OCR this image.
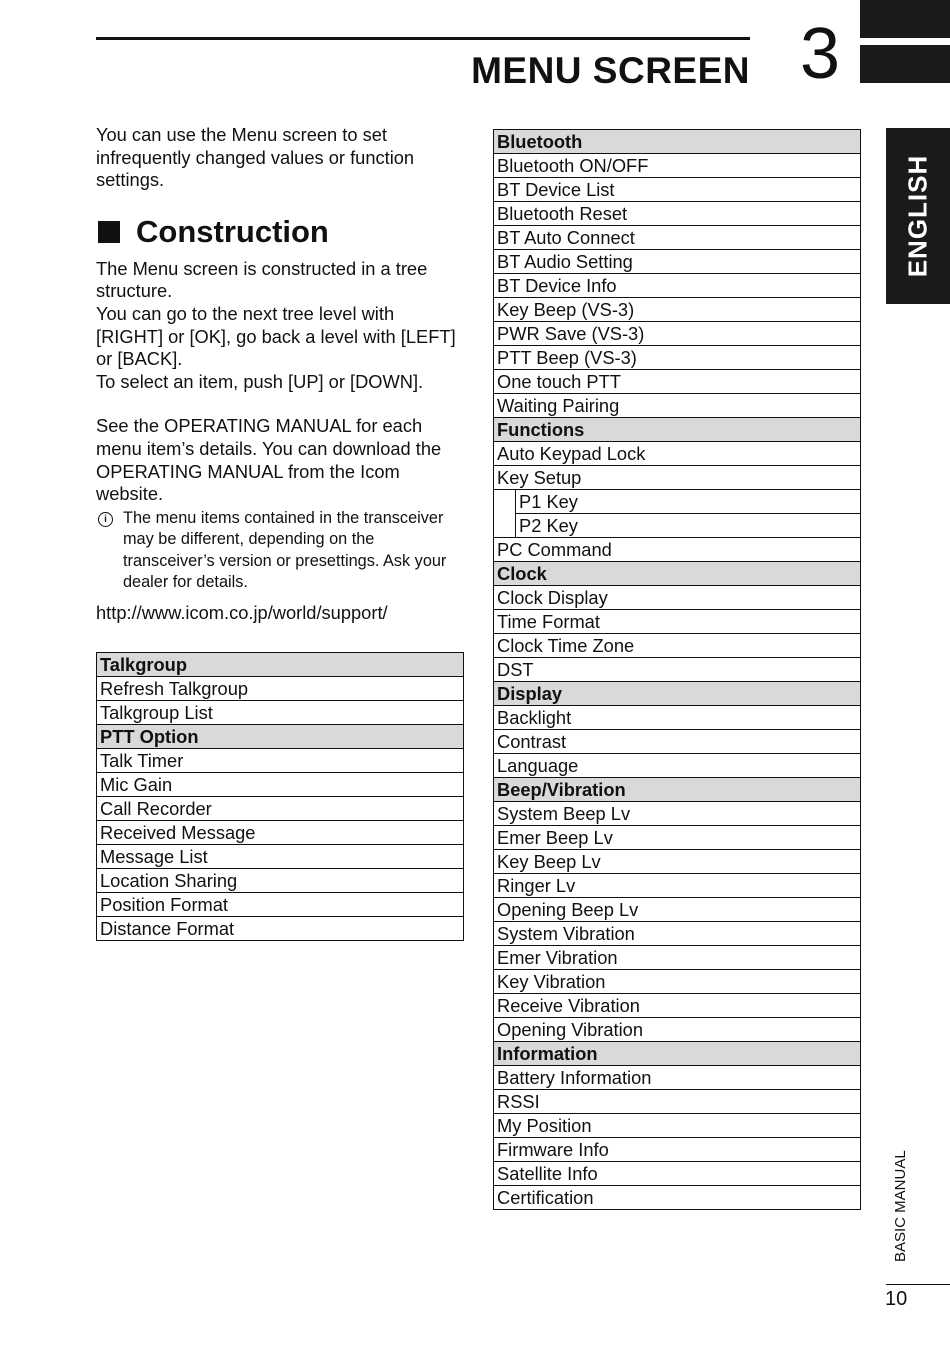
MENU SCREEN 3
ENGLISH

You can use the Menu screen to set infrequently changed values or function settings.

Construction

The Menu screen is constructed in a tree structure.

You can go to the next tree level with [RIGHT] or [OK], go back a level with [LEFT] or [BACK].

To select an item, push [UP] or [DOWN].

See the OPERATING MANUAL for each menu item’s details. You can download the OPERATING MANUAL from the Icom website.

i The menu items contained in the transceiver may be different, depending on the transceiver’s version or presettings. Ask your dealer for details.

http://www.icom.co.jp/world/support/

Talkgroup
Refresh Talkgroup
Talkgroup List
PTT Option
Talk Timer
Mic Gain
Call Recorder
Received Message
Message List
Location Sharing
Position Format
Distance Format
Bluetooth	
Bluetooth ON/OFF	
BT Device List	
Bluetooth Reset	
BT Auto Connect	
BT Audio Setting	
BT Device Info	
Key Beep (VS-3)	
PWR Save (VS-3)	
PTT Beep (VS-3)	
One touch PTT	
Waiting Pairing	
Functions	
Auto Keypad Lock	
Key Setup	
	P1 Key
	P2 Key
PC Command	
Clock	
Clock Display	
Time Format	
Clock Time Zone	
DST	
Display	
Backlight	
Contrast	
Language	
Beep/Vibration	
System Beep Lv	
Emer Beep Lv	
Key Beep Lv	
Ringer Lv	
Opening Beep Lv	
System Vibration	
Emer Vibration	
Key Vibration	
Receive Vibration	
Opening Vibration	
Information	
Battery Information	
RSSI	
My Position	
Firmware Info	
Satellite Info	
Certification		BASIC MANUAL
10
